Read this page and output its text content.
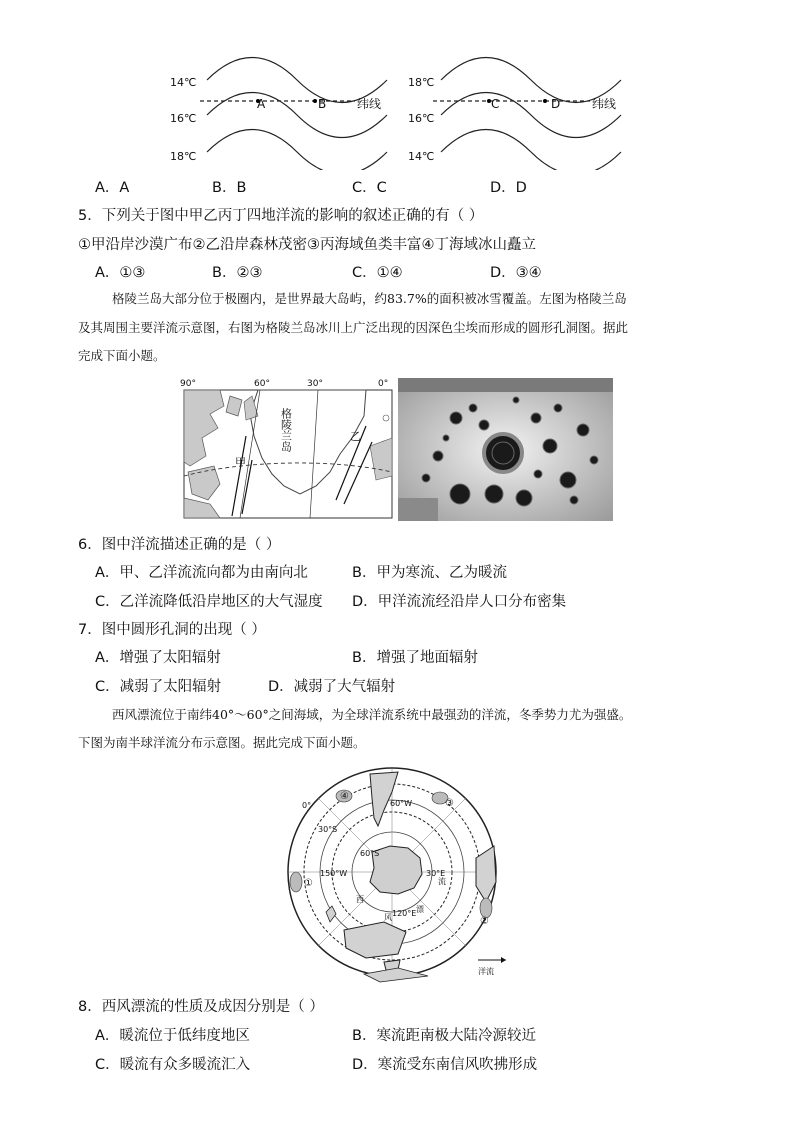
14℃
16℃
18℃
A	B	纬线
18℃
16℃
14℃
C	D	纬线
A．A	B．B	C．C	D．D
5．下列关于图中甲乙丙丁四地洋流的影响的叙述正确的有（ ）
①甲沿岸沙漠广布②乙沿岸森林茂密③丙海域鱼类丰富④丁海域冰山矗立
A．①③	B．②③	C．①④	D．③④
格陵兰岛大部分位于极圈内，是世界最大岛屿，约83.7%的面积被冰雪覆盖。左图为格陵兰岛
及其周围主要洋流示意图，右图为格陵兰岛冰川上广泛出现的因深色尘埃而形成的圆形孔洞图。据此
完成下面小题。
90°	60°	30°	0°
格陵兰岛
甲
乙
6．图中洋流描述正确的是（ ）
A．甲、乙洋流流向都为由南向北	B．甲为寒流、乙为暖流
C．乙洋流降低沿岸地区的大气湿度 D．甲洋流流经沿岸人口分布密集
7．图中圆形孔洞的出现（ ）
A．增强了太阳辐射	B．增强了地面辐射
C．减弱了太阳辐射	D．减弱了大气辐射
西风漂流位于南纬40°～60°之间海域，为全球洋流系统中最强劲的洋流，冬季势力尤为强盛。
下图为南半球洋流分布示意图。据此完成下面小题。
洋流
④
③
①
②
30°S
60°S
60°W
150°W	30°E
120°E
0°
西
风
漂
流
8．西风漂流的性质及成因分别是（ ）
A．暖流位于低纬度地区	B．寒流距南极大陆冷源较近
C．暖流有众多暖流汇入	D．寒流受东南信风吹拂形成
